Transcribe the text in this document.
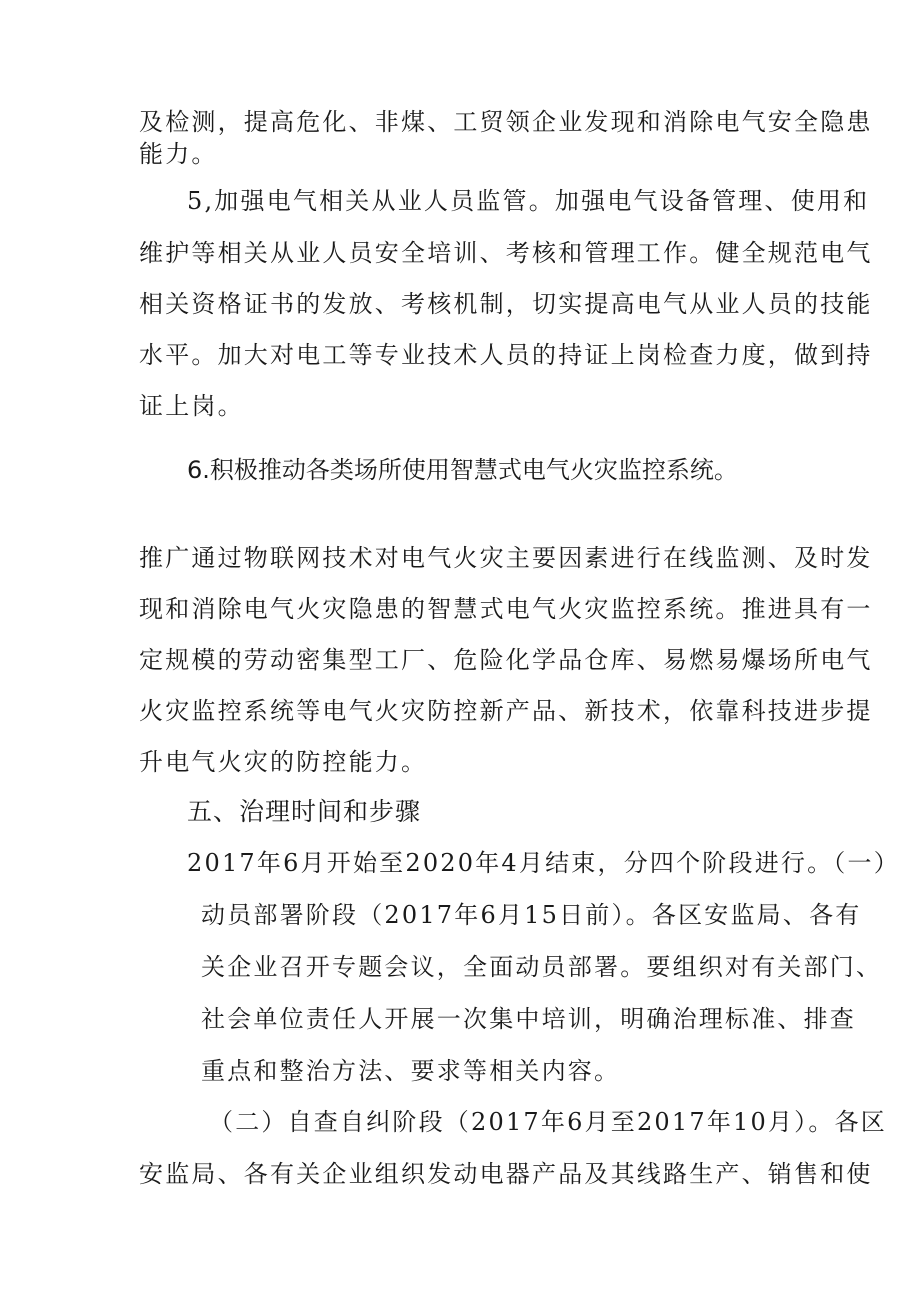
及检测，提高危化、非煤、工贸领企业发现和消除电气安全隐患
能力。
5,加强电气相关从业人员监管。加强电气设备管理、使用和
维护等相关从业人员安全培训、考核和管理工作。健全规范电气
相关资格证书的发放、考核机制，切实提高电气从业人员的技能
水平。加大对电工等专业技术人员的持证上岗检查力度，做到持
证上岗。
6.积极推动各类场所使用智慧式电气火灾监控系统。
推广通过物联网技术对电气火灾主要因素进行在线监测、及时发
现和消除电气火灾隐患的智慧式电气火灾监控系统。推进具有一
定规模的劳动密集型工厂、危险化学品仓库、易燃易爆场所电气
火灾监控系统等电气火灾防控新产品、新技术，依靠科技进步提
升电气火灾的防控能力。
五、治理时间和步骤
2017年6月开始至2020年4月结束，分四个阶段进行。（一）
动员部署阶段（2017年6月15日前）。各区安监局、各有
关企业召开专题会议，全面动员部署。要组织对有关部门、
社会单位责任人开展一次集中培训，明确治理标准、排查
重点和整治方法、要求等相关内容。
（二）自查自纠阶段（2017年6月至2017年10月）。各区
安监局、各有关企业组织发动电器产品及其线路生产、销售和使
